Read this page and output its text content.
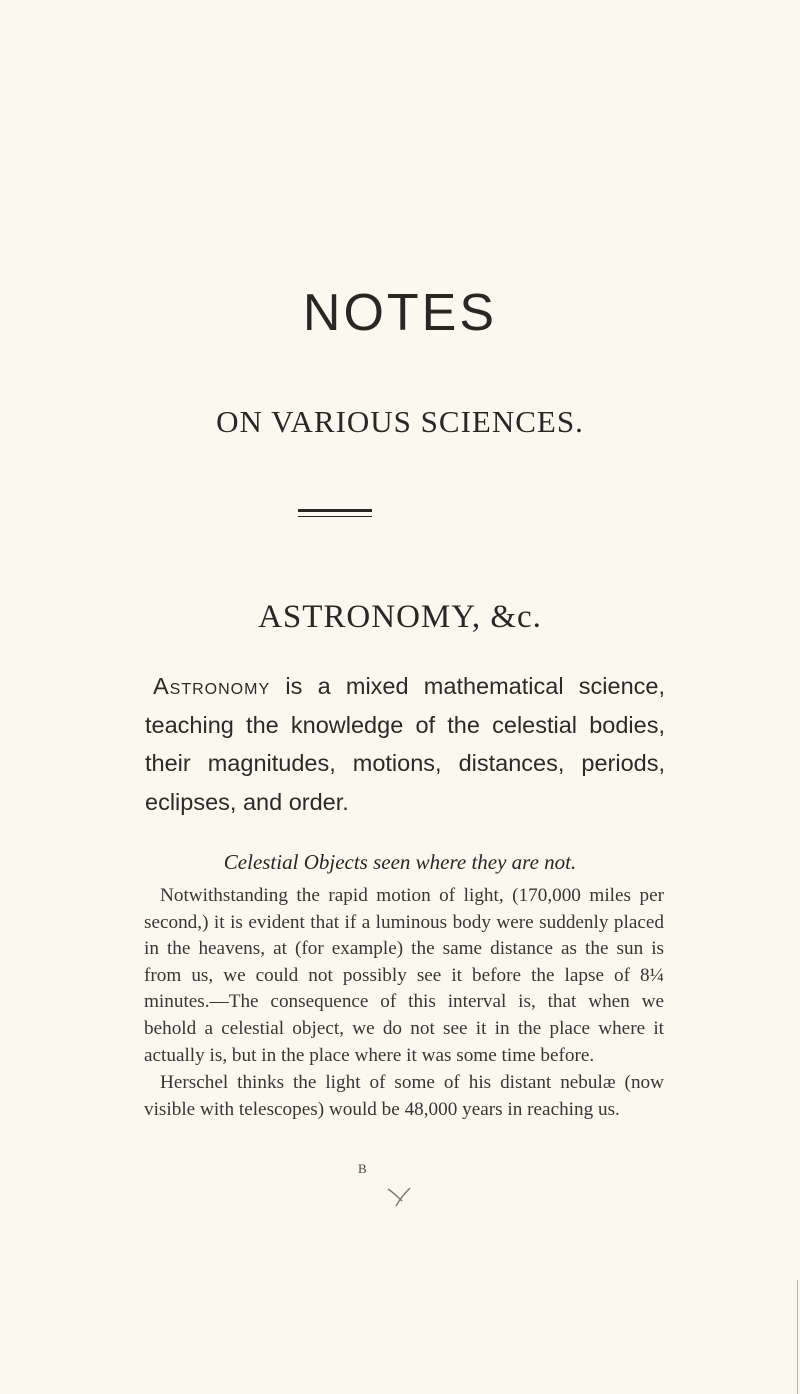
NOTES
ON VARIOUS SCIENCES.
ASTRONOMY, &c.
Astronomy is a mixed mathematical science, teaching the knowledge of the celestial bodies, their magnitudes, motions, distances, periods, eclipses, and order.
Celestial Objects seen where they are not.
Notwithstanding the rapid motion of light, (170,000 miles per second,) it is evident that if a luminous body were suddenly placed in the heavens, at (for example) the same distance as the sun is from us, we could not possibly see it before the lapse of 8¼ minutes.—The consequence of this interval is, that when we behold a celestial object, we do not see it in the place where it actually is, but in the place where it was some time before.
Herschel thinks the light of some of his distant nebulæ (now visible with telescopes) would be 48,000 years in reaching us.
B
